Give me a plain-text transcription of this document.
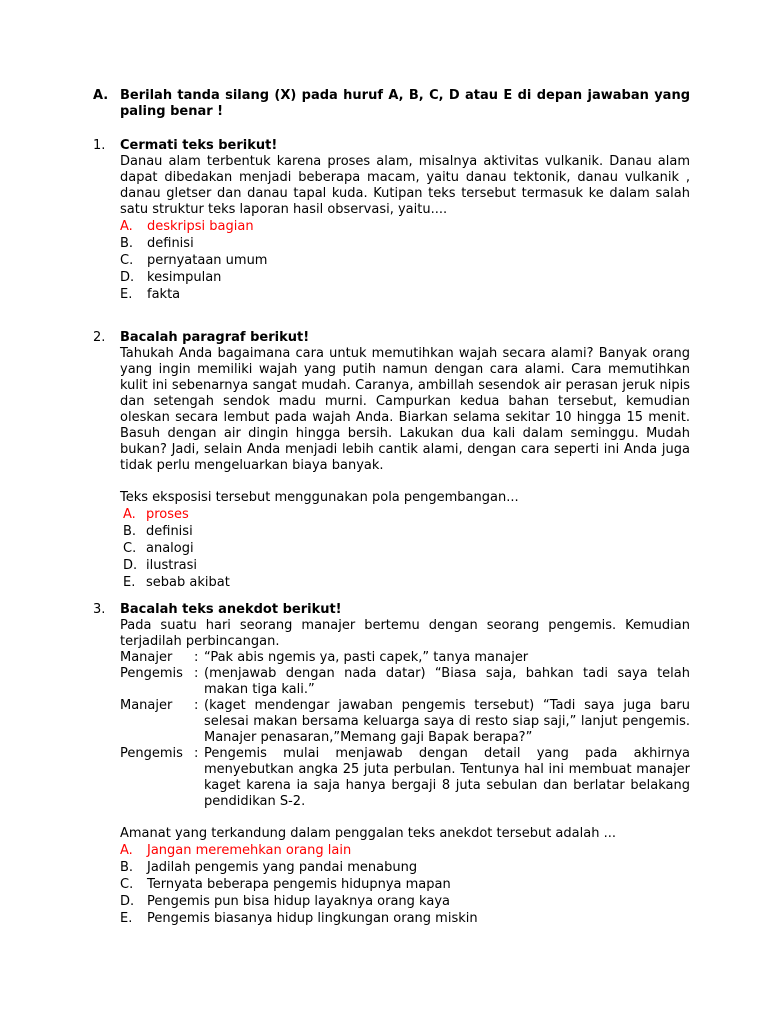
A. Berilah tanda silang (X) pada huruf A, B, C, D atau E di depan jawaban yang paling benar !
1. Cermati teks berikut!
Danau alam terbentuk karena proses alam, misalnya aktivitas vulkanik. Danau alam dapat dibedakan menjadi beberapa macam, yaitu danau tektonik, danau vulkanik , danau gletser dan danau tapal kuda. Kutipan teks tersebut termasuk ke dalam salah satu struktur teks laporan hasil observasi, yaitu....
A.	deskripsi bagian
B.	definisi
C.	pernyataan umum
D. kesimpulan
E.	fakta
2. Bacalah paragraf berikut!
Tahukah Anda bagaimana cara untuk memutihkan wajah secara alami? Banyak orang yang ingin memiliki wajah yang putih namun dengan cara alami. Cara memutihkan kulit ini sebenarnya sangat mudah. Caranya, ambillah sesendok air perasan jeruk nipis dan setengah sendok madu murni. Campurkan kedua bahan tersebut, kemudian oleskan secara lembut pada wajah Anda. Biarkan selama sekitar 10 hingga 15 menit. Basuh dengan air dingin hingga bersih. Lakukan dua kali dalam seminggu. Mudah bukan? Jadi, selain Anda menjadi lebih cantik alami, dengan cara seperti ini Anda juga tidak perlu mengeluarkan biaya banyak.
Teks eksposisi tersebut menggunakan pola pengembangan...
A. proses
B. definisi
C. analogi
D. ilustrasi
E. sebab akibat
3. Bacalah teks anekdot berikut!
Pada suatu hari seorang manajer bertemu dengan seorang pengemis. Kemudian terjadilah perbincangan.
Manajer	: “Pak abis ngemis ya, pasti capek,” tanya manajer
Pengemis : (menjawab dengan nada datar) “Biasa saja, bahkan tadi saya telah makan tiga kali.”
Manajer	: (kaget mendengar jawaban pengemis tersebut) “Tadi saya juga baru selesai makan bersama keluarga saya di resto siap saji,” lanjut pengemis. Manajer penasaran,”Memang gaji Bapak berapa?”
Pengemis : Pengemis mulai menjawab dengan detail yang pada akhirnya menyebutkan angka 25 juta perbulan. Tentunya hal ini membuat manajer kaget karena ia saja hanya bergaji 8 juta sebulan dan berlatar belakang pendidikan S-2.
Amanat yang terkandung dalam penggalan teks anekdot tersebut adalah ...
A.	Jangan meremehkan orang lain
B.	Jadilah pengemis yang pandai menabung
C.	Ternyata beberapa pengemis hidupnya mapan
D. Pengemis pun bisa hidup layaknya orang kaya
E.	Pengemis biasanya hidup lingkungan orang miskin
